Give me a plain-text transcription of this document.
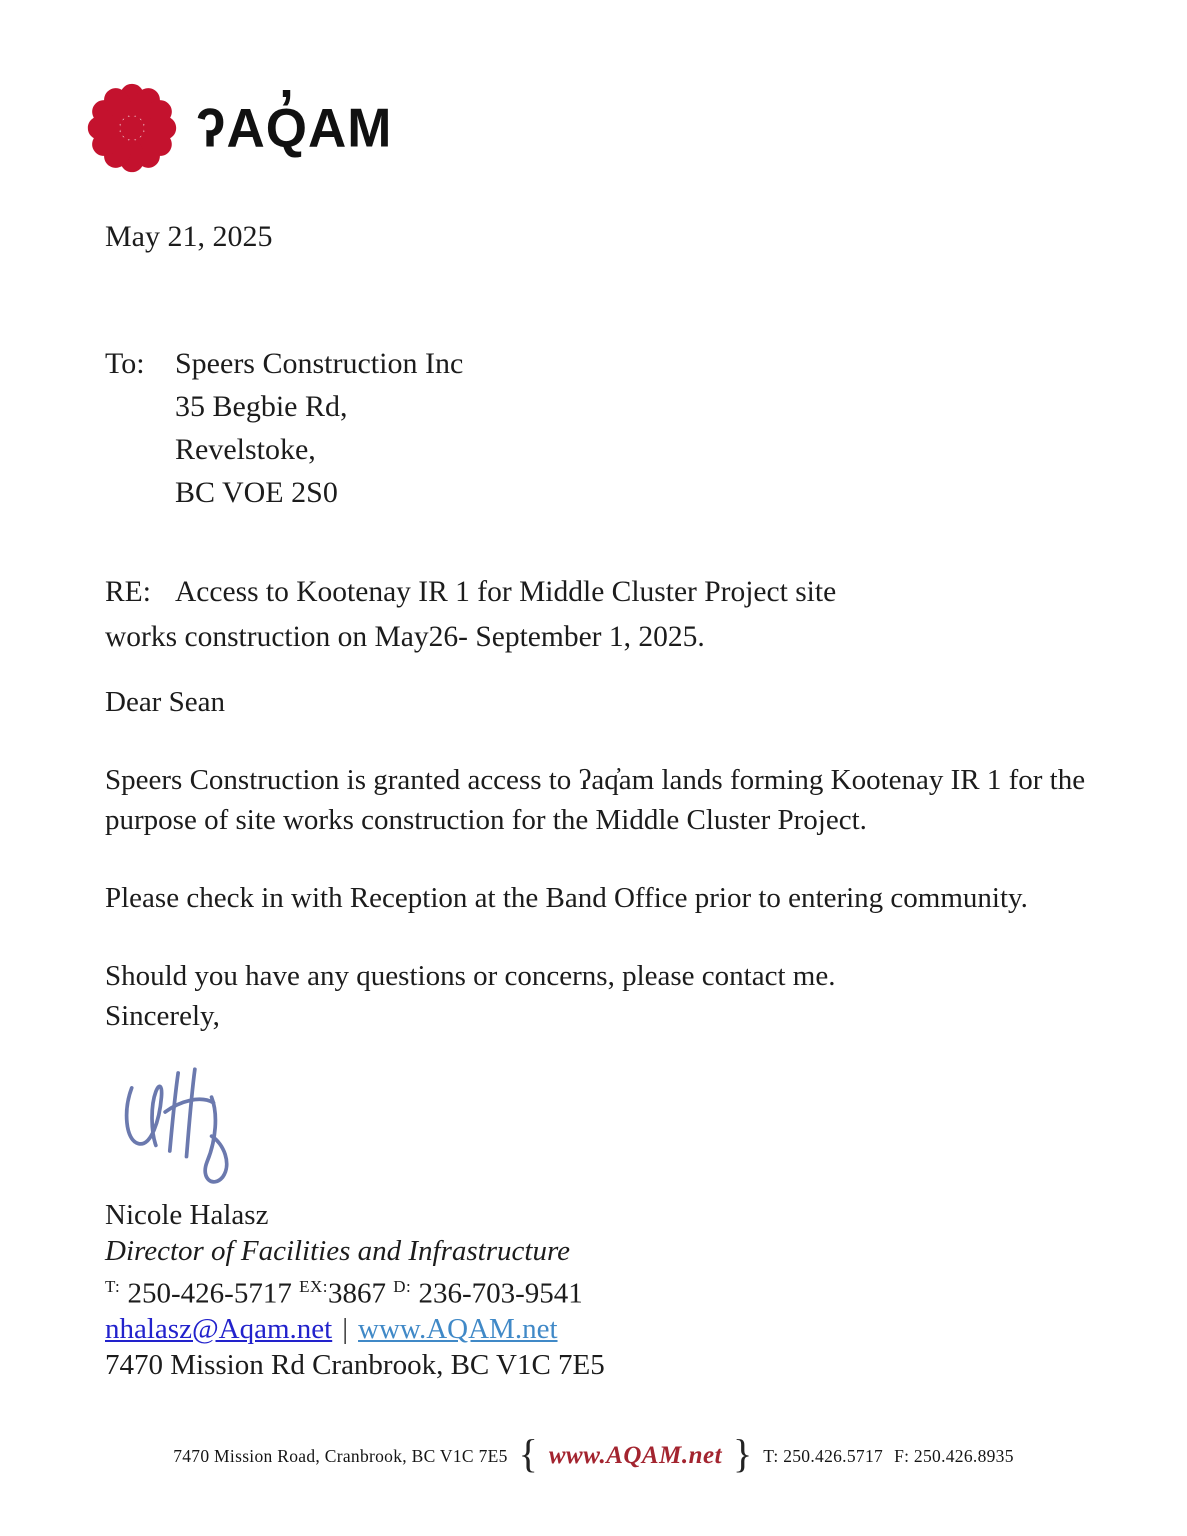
ʔAQ̓AM

May 21, 2025

To:	Speers Construction Inc
35 Begbie Rd,
Revelstoke,
BC VOE 2S0
RE: Access to Kootenay IR 1 for Middle Cluster Project site
works construction on May26- September 1, 2025.

Dear Sean

Speers Construction is granted access to ʔaq̓am lands forming Kootenay IR 1 for the purpose of site works construction for the Middle Cluster Project.

Please check in with Reception at the Band Office prior to entering community.

Should you have any questions or concerns, please contact me.
Sincerely,
Nicole Halasz
Director of Facilities and Infrastructure
$^{T:}$ 250-426-5717 $^{EX:}$3867 $^{D:}$ 236-703-9541
nhalasz@Aqam.net | www.AQAM.net
7470 Mission Rd Cranbrook, BC V1C 7E5
7470 Mission Road, Cranbrook, BC V1C 7E5 { www.AQAM.net } T: 250.426.5717 F: 250.426.8935
